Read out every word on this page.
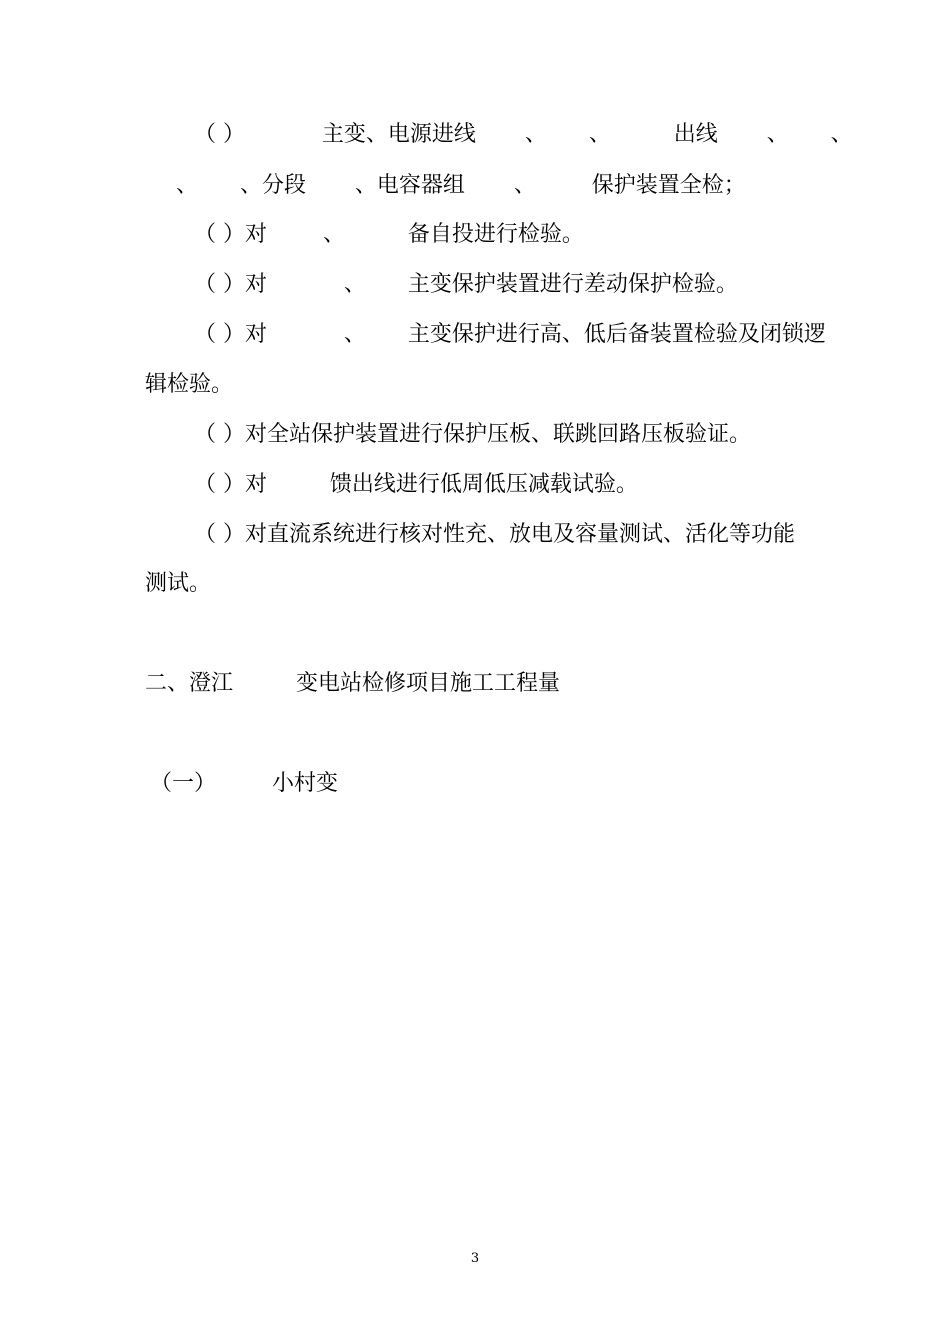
（ ）           主变、电源进线       、      、         出线       、      、
、      、分段       、电容器组       、        保护装置全检；
（ ）对        、         备自投进行检验。
（ ）对           、      主变保护装置进行差动保护检验。
（ ）对           、      主变保护进行高、低后备装置检验及闭锁逻
辑检验。
（ ）对全站保护装置进行保护压板、联跳回路压板验证。
（ ）对         馈出线进行低周低压减载试验。
（ ）对直流系统进行核对性充、放电及容量测试、活化等功能
测试。
二、澄江         变电站检修项目施工工程量
（一）        小村变
3
